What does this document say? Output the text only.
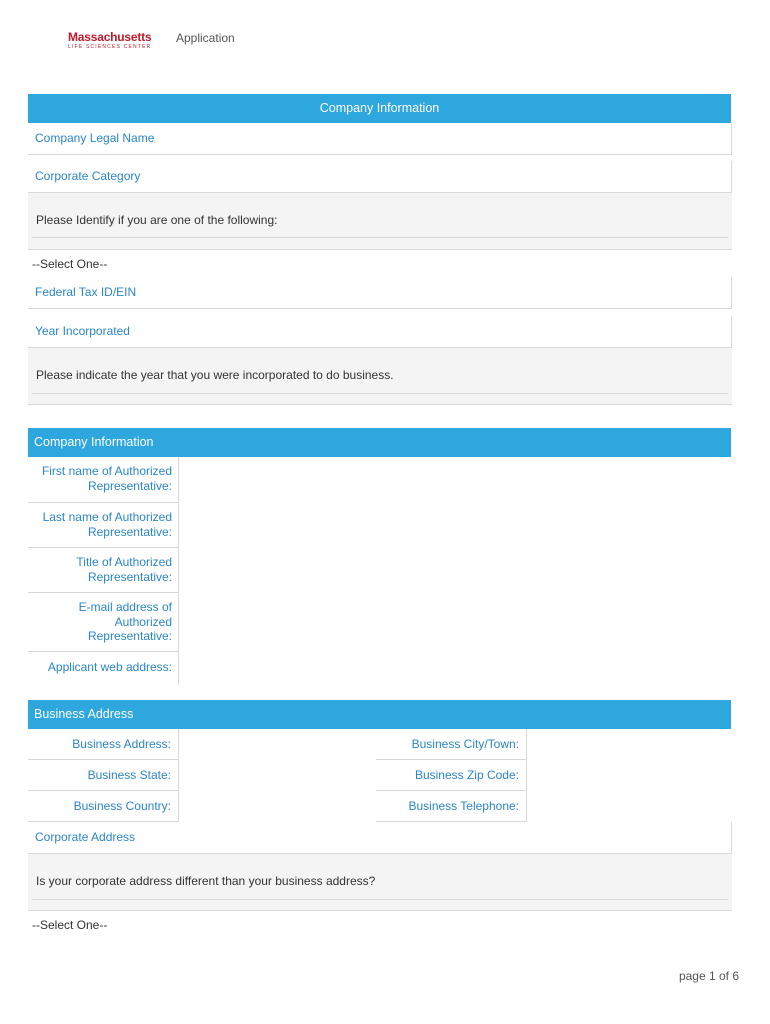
Massachusetts
LIFE SCIENCES CENTER
Application
Company Information
Company Legal Name
Corporate Category
Please Identify if you are one of the following:
--Select One--
Federal Tax ID/EIN
Year Incorporated
Please indicate the year that you were incorporated to do business.
Company Information
First name of Authorized Representative:
Last name of Authorized Representative:
Title of Authorized Representative:
E-mail address of Authorized Representative:
Applicant web address:
Business Address
Business Address:	Business City/Town:
Business State:	Business Zip Code:
Business Country:	Business Telephone:
Corporate Address
Is your corporate address different than your business address?
--Select One--
page 1 of 6
